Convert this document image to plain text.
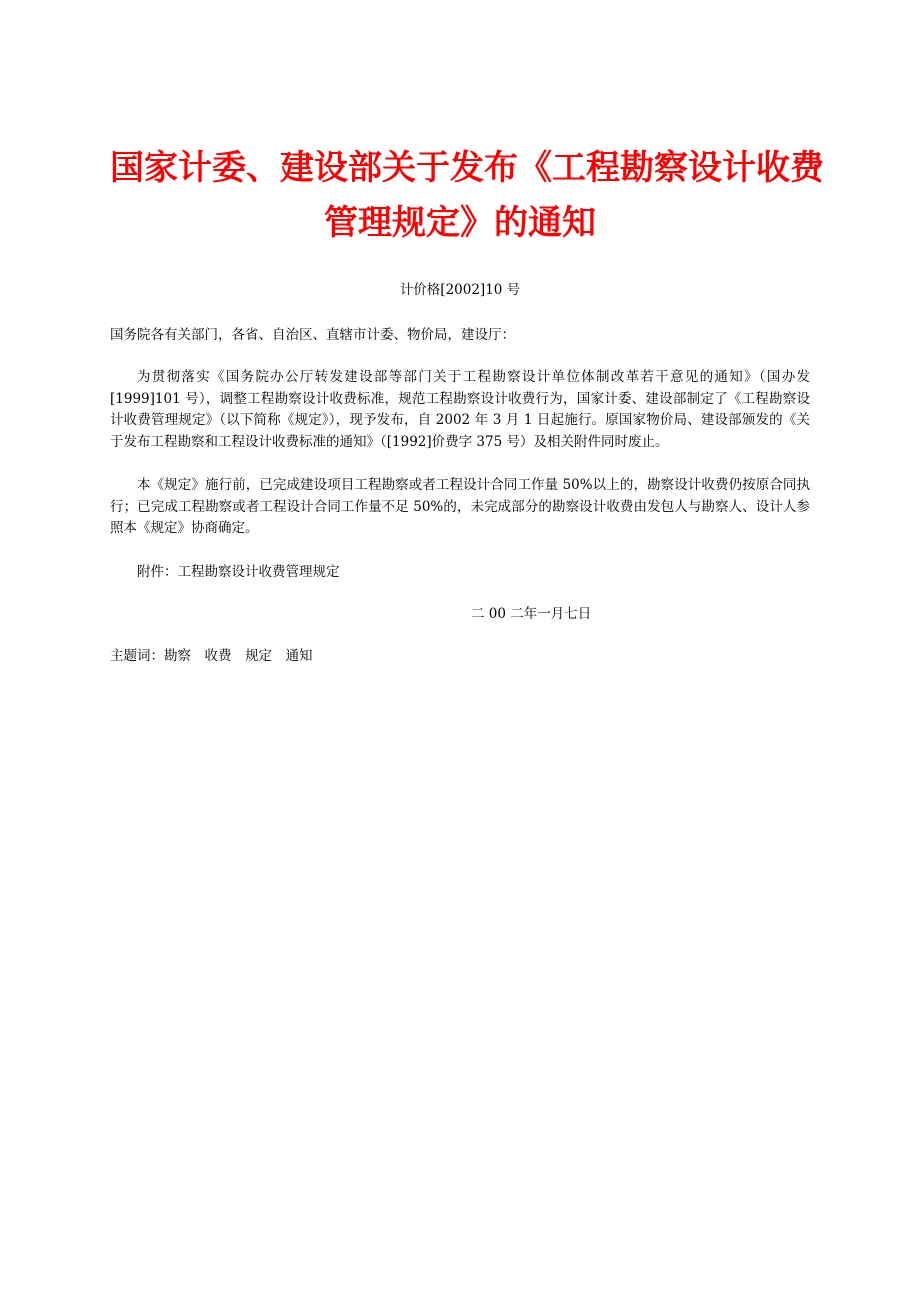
国家计委、建设部关于发布《工程勘察设计收费
管理规定》的通知
计价格[2002]10 号
国务院各有关部门，各省、自治区、直辖市计委、物价局，建设厅：

为贯彻落实《国务院办公厅转发建设部等部门关于工程勘察设计单位体制改革若干意见的通知》（国办发[1999]101 号），调整工程勘察设计收费标准，规范工程勘察设计收费行为，国家计委、建设部制定了《工程勘察设计收费管理规定》（以下简称《规定》），现予发布，自 2002 年 3 月 1 日起施行。原国家物价局、建设部颁发的《关于发布工程勘察和工程设计收费标准的通知》（[1992]价费字 375 号）及相关附件同时废止。

本《规定》施行前，已完成建设项目工程勘察或者工程设计合同工作量 50%以上的，勘察设计收费仍按原合同执行；已完成工程勘察或者工程设计合同工作量不足 50%的，未完成部分的勘察设计收费由发包人与勘察人、设计人参照本《规定》协商确定。

附件：工程勘察设计收费管理规定
二 00 二年一月七日
主题词：勘察　收费　规定　通知
